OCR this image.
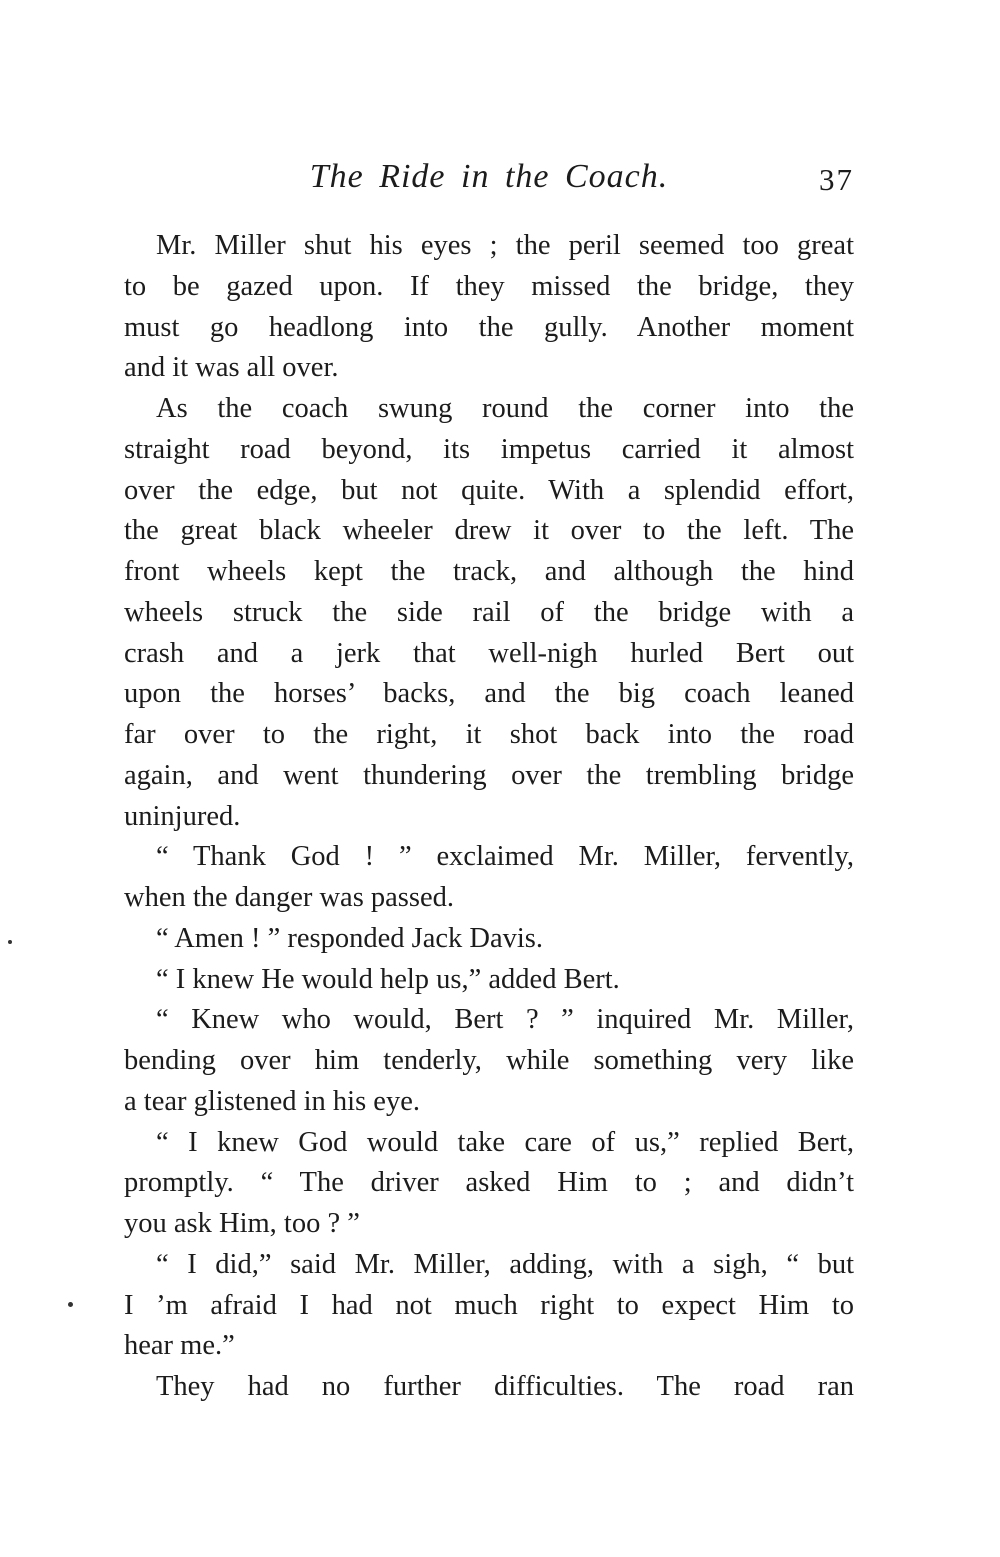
The Ride in the Coach.	37
Mr. Miller shut his eyes ; the peril seemed too great
to be gazed upon. If they missed the bridge, they
must go headlong into the gully. Another moment
and it was all over.
As the coach swung round the corner into the
straight road beyond, its impetus carried it almost
over the edge, but not quite. With a splendid effort,
the great black wheeler drew it over to the left. The
front wheels kept the track, and although the hind
wheels struck the side rail of the bridge with a
crash and a jerk that well-nigh hurled Bert out
upon the horses’ backs, and the big coach leaned
far over to the right, it shot back into the road
again, and went thundering over the trembling bridge
uninjured.
“ Thank God ! ” exclaimed Mr. Miller, fervently,
when the danger was passed.
“ Amen ! ” responded Jack Davis.
“ I knew He would help us,” added Bert.
“ Knew who would, Bert ? ” inquired Mr. Miller,
bending over him tenderly, while something very like
a tear glistened in his eye.
“ I knew God would take care of us,” replied Bert,
promptly. “ The driver asked Him to ; and didn’t
you ask Him, too ? ”
“ I did,” said Mr. Miller, adding, with a sigh, “ but
I ’m afraid I had not much right to expect Him to
hear me.”
They had no further difficulties. The road ran
